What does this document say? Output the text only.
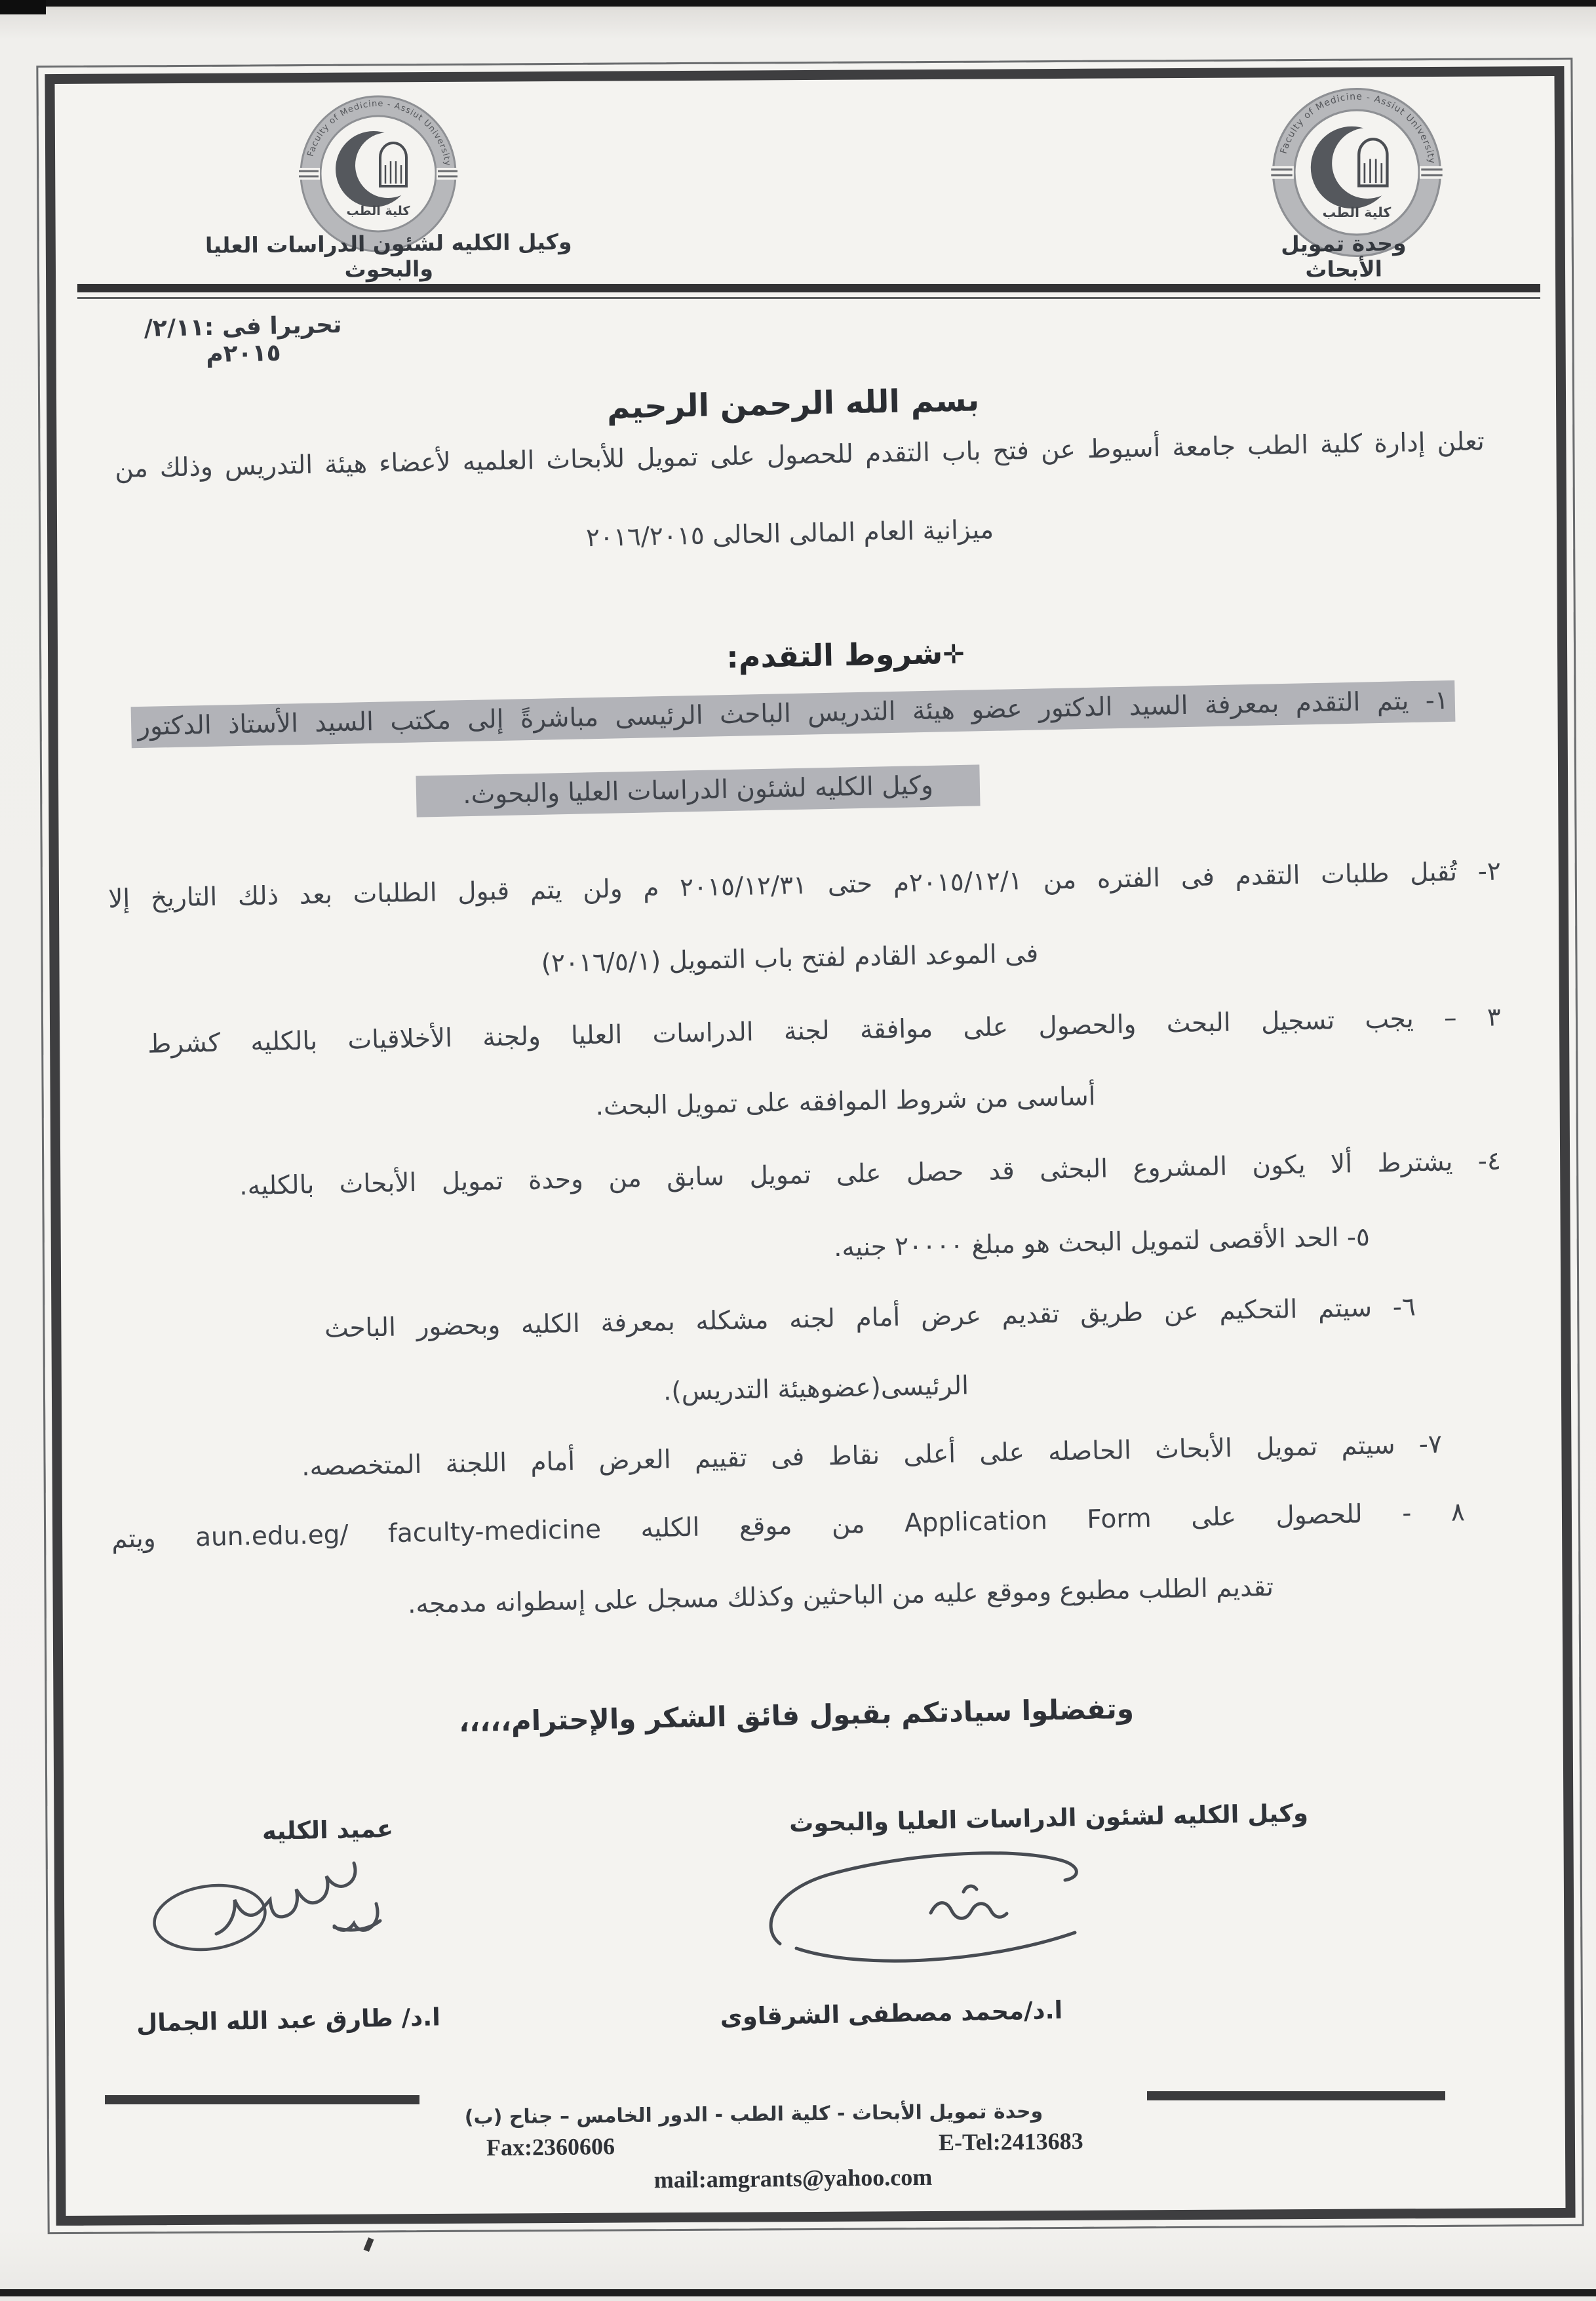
Faculty of Medicine - Assiut University
كلية الطب
Faculty of Medicine - Assiut University
كلية الطب
وكيل الكليه لشئون الدراسات العليا والبحوث
وحدة تمويل الأبحاث
تحريرا فى :٢/١١/ ٢٠١٥م
بسم الله الرحمن الرحيم
تعلن إدارة كلية الطب جامعة أسيوط عن فتح باب التقدم للحصول على تمويل للأبحاث العلميه لأعضاء هيئة التدريس وذلك من
ميزانية العام المالى الحالى ٢٠١٦/٢٠١٥
✛شروط التقدم:
١- يتم التقدم بمعرفة السيد الدكتور عضو هيئة التدريس الباحث الرئيسى مباشرةً إلى مكتب السيد الأستاذ الدكتور
وكيل الكليه لشئون الدراسات العليا والبحوث.
٢- تُقبل طلبات التقدم فى الفتره من ٢٠١٥/١٢/١م حتى ٢٠١٥/١٢/٣١ م ولن يتم قبول الطلبات بعد ذلك التاريخ إلا
فى الموعد القادم لفتح باب التمويل (٢٠١٦/٥/١)
٣ – يجب تسجيل البحث والحصول على موافقة لجنة الدراسات العليا ولجنة الأخلاقيات بالكليه كشرط
أساسى من شروط الموافقه على تمويل البحث.
٤- يشترط ألا يكون المشروع البحثى قد حصل على تمويل سابق من وحدة تمويل الأبحاث بالكليه.
٥- الحد الأقصى لتمويل البحث هو مبلغ ٢٠٠٠٠ جنيه.
٦- سيتم التحكيم عن طريق تقديم عرض أمام لجنه مشكله بمعرفة الكليه وبحضور الباحث
الرئيسى(عضوهيئة التدريس).
٧- سيتم تمويل الأبحاث الحاصله على أعلى نقاط فى تقييم العرض أمام اللجنة المتخصصه.
٨ - للحصول على Application Form من موقع الكليه aun.edu.eg/ faculty-medicine ويتم
تقديم الطلب مطبوع وموقع عليه من الباحثين وكذلك مسجل على إسطوانه مدمجه.
وتفضلوا سيادتكم بقبول فائق الشكر والإحترام،،،،،
وكيل الكليه لشئون الدراسات العليا والبحوث
ا.د/محمد مصطفى الشرقاوى
عميد الكليه
ا.د/ طارق عبد الله الجمال
وحدة تمويل الأبحاث - كلية الطب - الدور الخامس – جناح (ب)
Fax:2360606	E-Tel:2413683
mail:amgrants@yahoo.com
